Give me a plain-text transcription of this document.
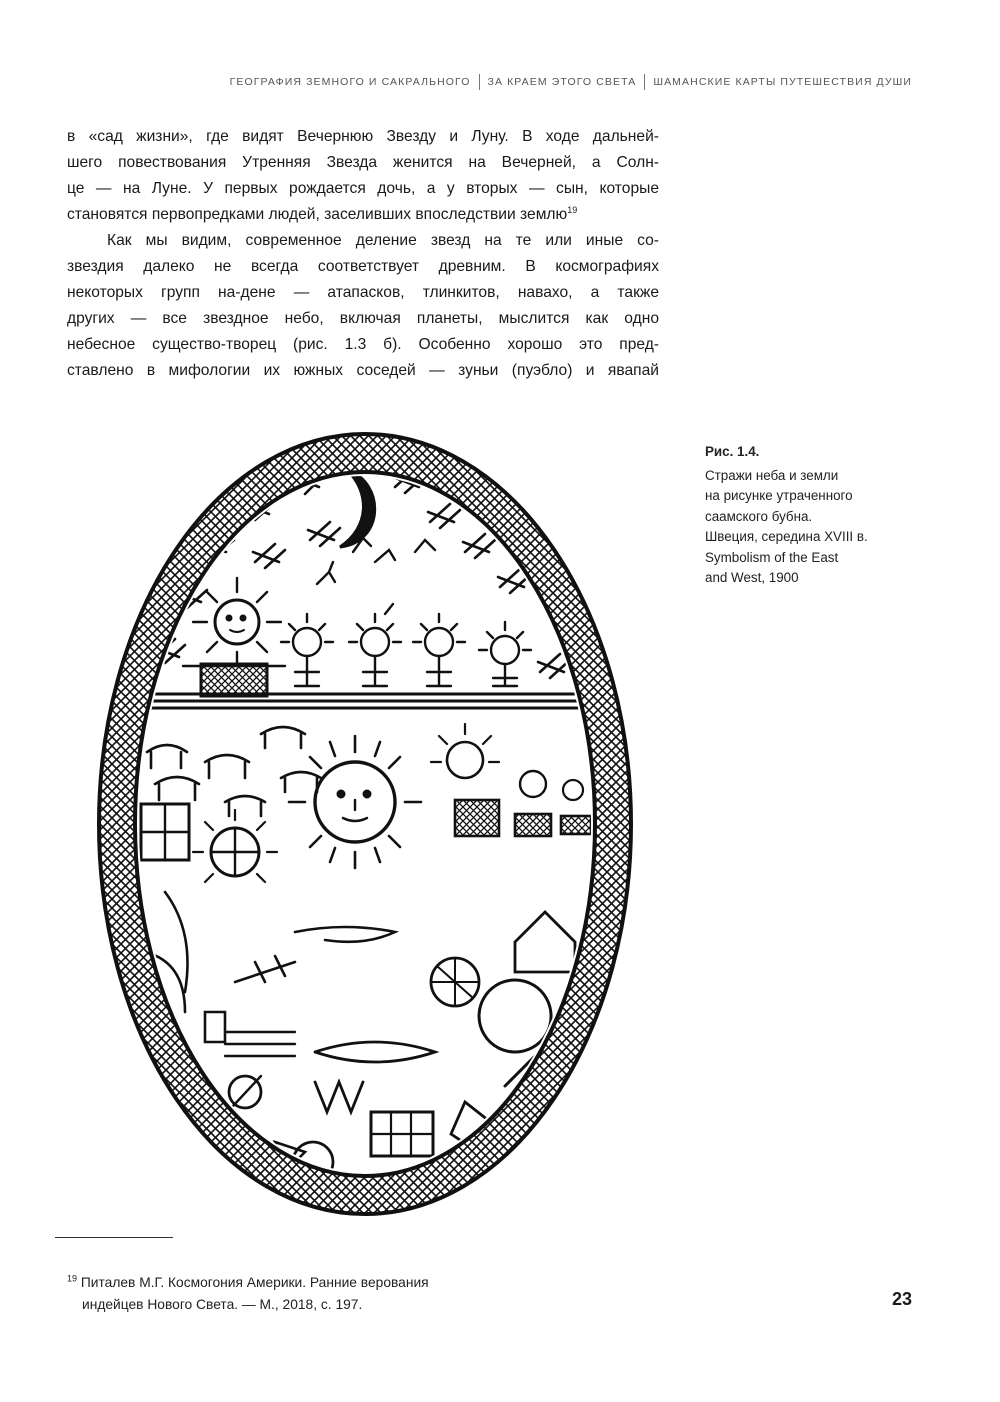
ГЕОГРАФИЯ ЗЕМНОГО И САКРАЛЬНОГО ЗА КРАЕМ ЭТОГО СВЕТА ШАМАНСКИЕ КАРТЫ ПУТЕШЕСТВИЯ ДУШИ

в «сад жизни», где видят Вечернюю Звезду и Луну. В ходе дальней-

шего повествования Утренняя Звезда женится на Вечерней, а Солн-

це — на Луне. У первых рождается дочь, а у вторых — сын, которые

становятся первопредками людей, заселивших впоследствии землю$^{19}$

Как мы видим, современное деление звезд на те или иные со-

звездия далеко не всегда соответствует древним. В космографиях

некоторых групп на-дене — атапасков, тлинкитов, навахо, а также

других — все звездное небо, включая планеты, мыслится как одно

небесное существо-творец (рис. 1.3 б). Особенно хорошо это пред-

ставлено в мифологии их южных соседей — зуньи (пуэбло) и явапай

Рис. 1.4.
Стражи неба и земли
на рисунке утраченного
саамского бубна.
Швеция, середина XVIII в.
Symbolism of the East
and West, 1900
$^{19}$ Питалев М.Г. Космогония Америки. Ранние верования
индейцев Нового Света. — М., 2018, с. 197.	23
